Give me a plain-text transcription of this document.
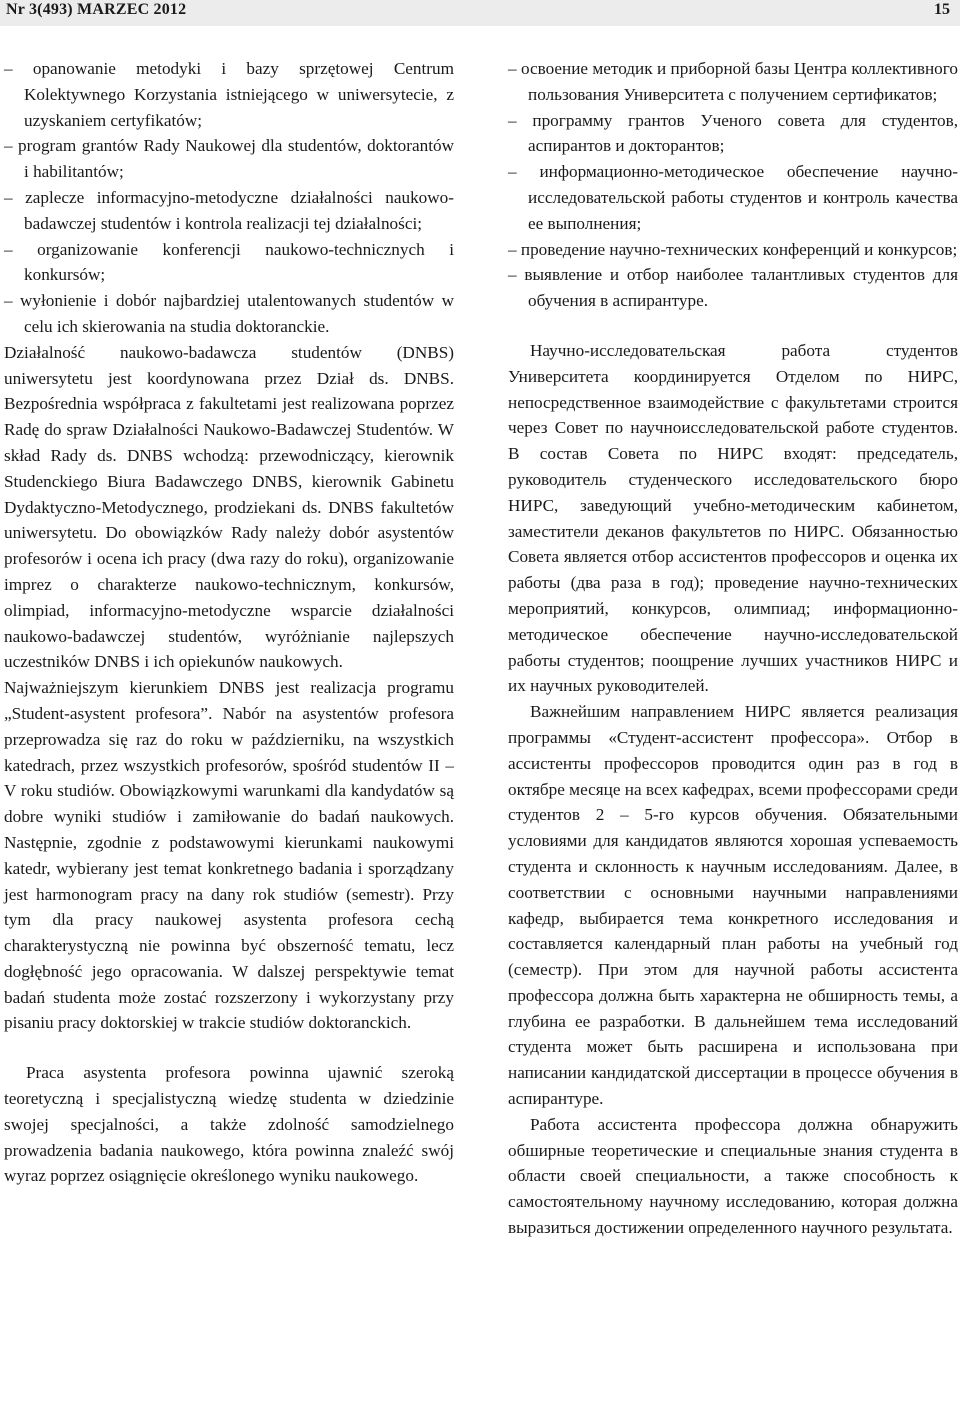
Nr 3(493) MARZEC 2012	15
– opanowanie metodyki i bazy sprzętowej Centrum Kolektywnego Korzystania istniejącego w uniwersytecie, z uzyskaniem certyfikatów;
– program grantów Rady Naukowej dla studentów, doktorantów i habilitantów;
– zaplecze informacyjno-metodyczne działalności naukowo-badawczej studentów i kontrola realizacji tej działalności;
– organizowanie konferencji naukowo-technicznych i konkursów;
– wyłonienie i dobór najbardziej utalentowanych studentów w celu ich skierowania na studia doktoranckie.
Działalność naukowo-badawcza studentów (DNBS) uniwersytetu jest koordynowana przez Dział ds. DNBS. Bezpośrednia współpraca z fakultetami jest realizowana poprzez Radę do spraw Działalności Naukowo-Badawczej Studentów. W skład Rady ds. DNBS wchodzą: przewodniczący, kierownik Studenckiego Biura Badawczego DNBS, kierownik Gabinetu Dydaktyczno-Metodycznego, prodziekani ds. DNBS fakultetów uniwersytetu. Do obowiązków Rady należy dobór asystentów profesorów i ocena ich pracy (dwa razy do roku), organizowanie imprez o charakterze naukowo-technicznym, konkursów, olimpiad, informacyjno-metodyczne wsparcie działalności naukowo-badawczej studentów, wyróżnianie najlepszych uczestników DNBS i ich opiekunów naukowych.
Najważniejszym kierunkiem DNBS jest realizacja programu „Student-asystent profesora”. Nabór na asystentów profesora przeprowadza się raz do roku w październiku, na wszystkich katedrach, przez wszystkich profesorów, spośród studentów II – V roku studiów. Obowiązkowymi warunkami dla kandydatów są dobre wyniki studiów i zamiłowanie do badań naukowych. Następnie, zgodnie z podstawowymi kierunkami naukowymi katedr, wybierany jest temat konkretnego badania i sporządzany jest harmonogram pracy na dany rok studiów (semestr). Przy tym dla pracy naukowej asystenta profesora cechą charakterystyczną nie powinna być obszerność tematu, lecz dogłębność jego opracowania. W dalszej perspektywie temat badań studenta może zostać rozszerzony i wykorzystany przy pisaniu pracy doktorskiej w trakcie studiów doktoranckich.
Praca asystenta profesora powinna ujawnić szeroką teoretyczną i specjalistyczną wiedzę studenta w dziedzinie swojej specjalności, a także zdolność samodzielnego prowadzenia badania naukowego, która powinna znaleźć swój wyraz poprzez osiągnięcie określonego wyniku naukowego.
– освоение методик и приборной базы Центра коллективного пользования Университета с получением сертификатов;
– программу грантов Ученого совета для студентов, аспирантов и докторантов;
– информационно-методическое обеспечение научно-исследовательской работы студентов и контроль качества ее выполнения;
– проведение научно-технических конференций и конкурсов;
– выявление и отбор наиболее талантливых студентов для обучения в аспирантуре.
Научно-исследовательская работа студентов Университета координируется Отделом по НИРС, непосредственное взаимодействие с факультетами строится через Совет по научноисследовательской работе студентов. В состав Совета по НИРС входят: председатель, руководитель студенческого исследовательского бюро НИРС, заведующий учебно-методическим кабинетом, заместители деканов факультетов по НИРС. Обязанностью Совета является отбор ассистентов профессоров и оценка их работы (два раза в год); проведение научно-технических мероприятий, конкурсов, олимпиад; информационно-методическое обеспечение научно-исследовательской работы студентов; поощрение лучших участников НИРС и их научных руководителей.
Важнейшим направлением НИРС является реализация программы «Студент-ассистент профессора». Отбор в ассистенты профессоров проводится один раз в год в октябре месяце на всех кафедрах, всеми профессорами среди студентов 2 – 5-го курсов обучения. Обязательными условиями для кандидатов являются хорошая успеваемость студента и склонность к научным исследованиям. Далее, в соответствии с основными научными направлениями кафедр, выбирается тема конкретного исследования и составляется календарный план работы на учебный год (семестр). При этом для научной работы ассистента профессора должна быть характерна не обширность темы, а глубина ее разработки. В дальнейшем тема исследований студента может быть расширена и использована при написании кандидатской диссертации в процессе обучения в аспирантуре.
Работа ассистента профессора должна обнаружить обширные теоретические и специальные знания студента в области своей специальности, а также способность к самостоятельному научному исследованию, которая должна выразиться достижении определенного научного результата.
